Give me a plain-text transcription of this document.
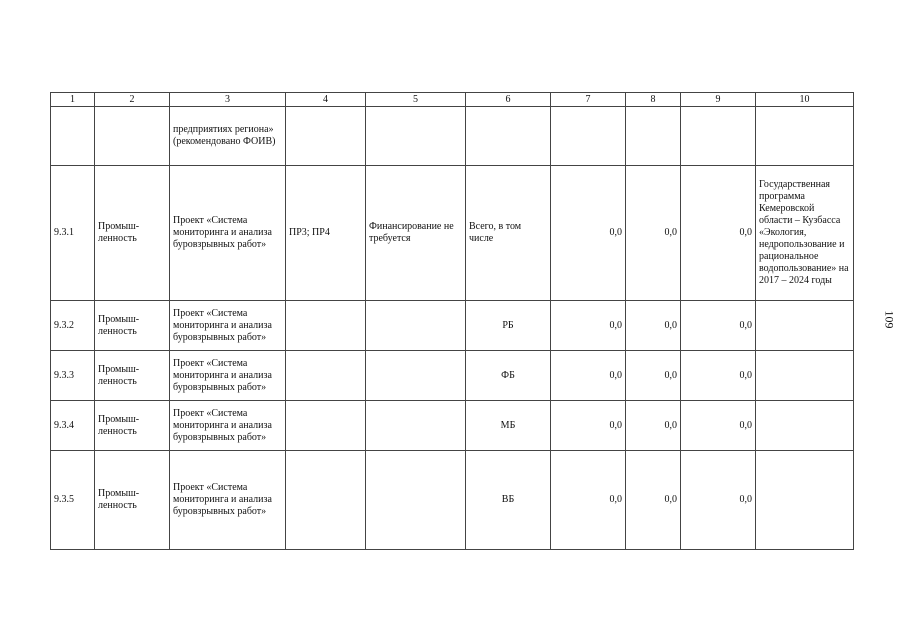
1	2	3	4	5	6	7	8	9	10
		предприятиях региона» (рекомендовано ФОИВ)							
9.3.1	Промыш-ленность	Проект «Система мониторинга и анализа буровзрывных работ»	ПР3; ПР4	Финансирование не требуется	Всего, в том числе	0,0	0,0	0,0	Государственная программа Кемеровской области – Кузбасса «Экология, недропользование и рациональное водопользование» на 2017 – 2024 годы
9.3.2	Промыш-ленность	Проект «Система мониторинга и анализа буровзрывных работ»			РБ	0,0	0,0	0,0	
9.3.3	Промыш-ленность	Проект «Система мониторинга и анализа буровзрывных работ»			ФБ	0,0	0,0	0,0	
9.3.4	Промыш-ленность	Проект «Система мониторинга и анализа буровзрывных работ»			МБ	0,0	0,0	0,0	
9.3.5	Промыш-ленность	Проект «Система мониторинга и анализа буровзрывных работ»			ВБ	0,0	0,0	0,0	
109
